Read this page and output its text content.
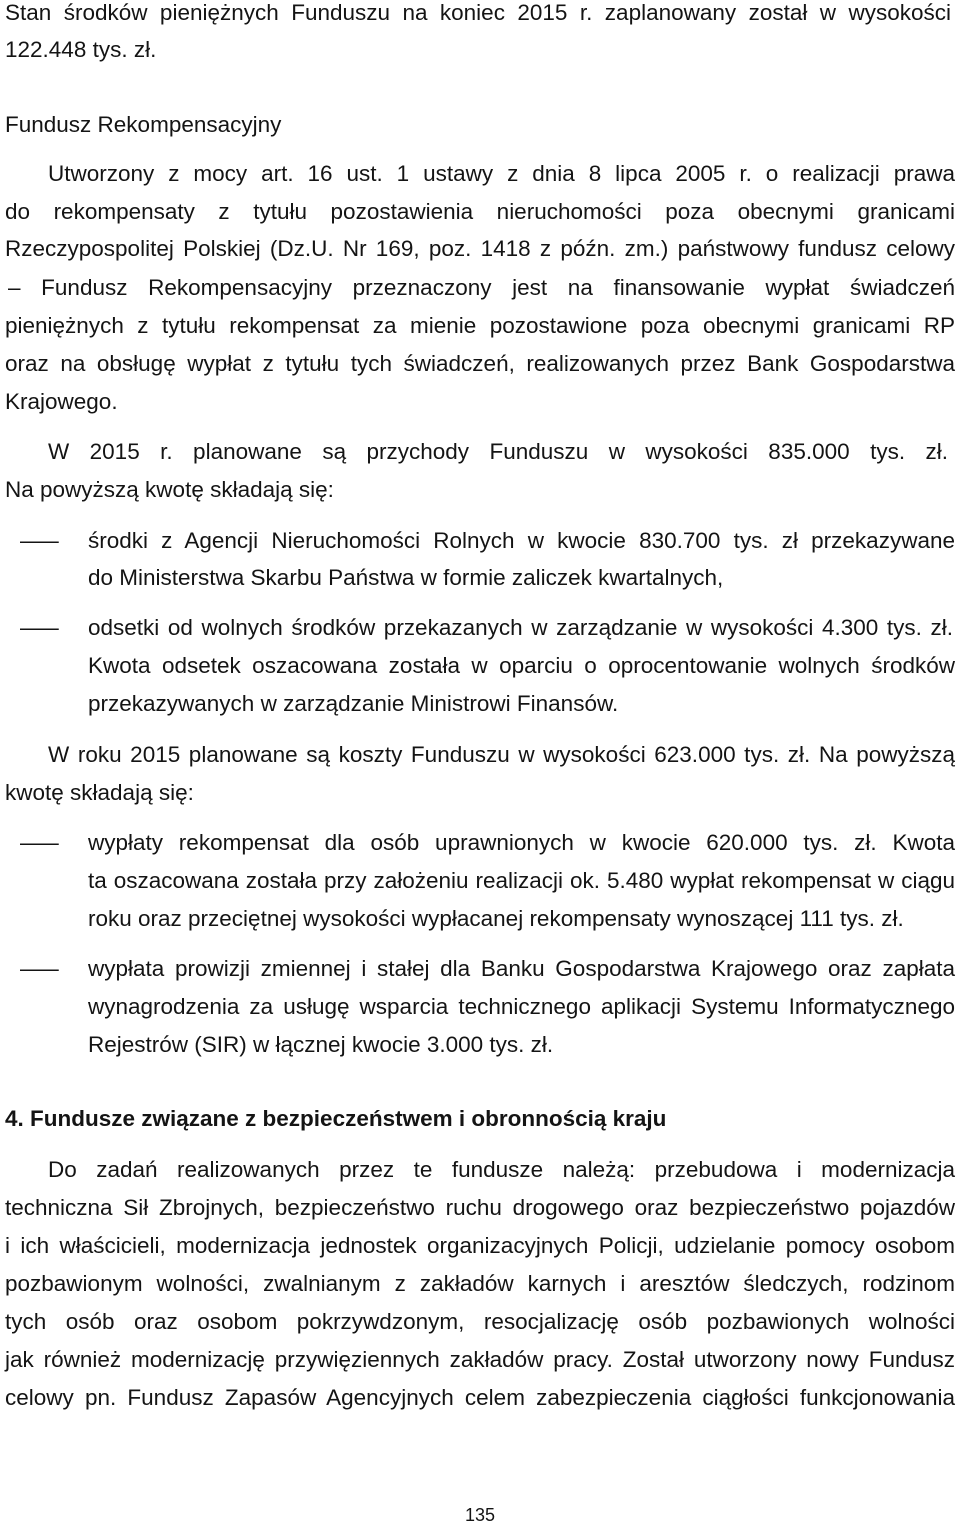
Stan środków pieniężnych Funduszu na koniec 2015 r. zaplanowany został w wysokości
122.448 tys. zł.
Fundusz Rekompensacyjny
Utworzony z mocy art. 16 ust. 1 ustawy z dnia 8 lipca 2005 r. o realizacji prawa
do rekompensaty z tytułu pozostawienia nieruchomości poza obecnymi granicami
Rzeczypospolitej Polskiej (Dz.U. Nr 169, poz. 1418 z późn. zm.) państwowy fundusz celowy
– Fundusz Rekompensacyjny przeznaczony jest na finansowanie wypłat świadczeń
pieniężnych z tytułu rekompensat za mienie pozostawione poza obecnymi granicami RP
oraz na obsługę wypłat z tytułu tych świadczeń, realizowanych przez Bank Gospodarstwa
Krajowego.
W 2015 r. planowane są przychody Funduszu w wysokości 835.000 tys. zł.
Na powyższą kwotę składają się:
– środki z Agencji Nieruchomości Rolnych w kwocie 830.700 tys. zł przekazywane
do Ministerstwa Skarbu Państwa w formie zaliczek kwartalnych,
– odsetki od wolnych środków przekazanych w zarządzanie w wysokości 4.300 tys. zł.
Kwota odsetek oszacowana została w oparciu o oprocentowanie wolnych środków
przekazywanych w zarządzanie Ministrowi Finansów.
W roku 2015 planowane są koszty Funduszu w wysokości 623.000 tys. zł. Na powyższą
kwotę składają się:
– wypłaty rekompensat dla osób uprawnionych w kwocie 620.000 tys. zł. Kwota
ta oszacowana została przy założeniu realizacji ok. 5.480 wypłat rekompensat w ciągu
roku oraz przeciętnej wysokości wypłacanej rekompensaty wynoszącej 111 tys. zł.
– wypłata prowizji zmiennej i stałej dla Banku Gospodarstwa Krajowego oraz zapłata
wynagrodzenia za usługę wsparcia technicznego aplikacji Systemu Informatycznego
Rejestrów (SIR) w łącznej kwocie 3.000 tys. zł.
4. Fundusze związane z bezpieczeństwem i obronnością kraju
Do zadań realizowanych przez te fundusze należą: przebudowa i modernizacja
techniczna Sił Zbrojnych, bezpieczeństwo ruchu drogowego oraz bezpieczeństwo pojazdów
i ich właścicieli, modernizacja jednostek organizacyjnych Policji, udzielanie pomocy osobom
pozbawionym wolności, zwalnianym z zakładów karnych i aresztów śledczych, rodzinom
tych osób oraz osobom pokrzywdzonym, resocjalizację osób pozbawionych wolności
jak również modernizację przywięziennych zakładów pracy. Został utworzony nowy Fundusz
celowy pn. Fundusz Zapasów Agencyjnych celem zabezpieczenia ciągłości funkcjonowania
135
